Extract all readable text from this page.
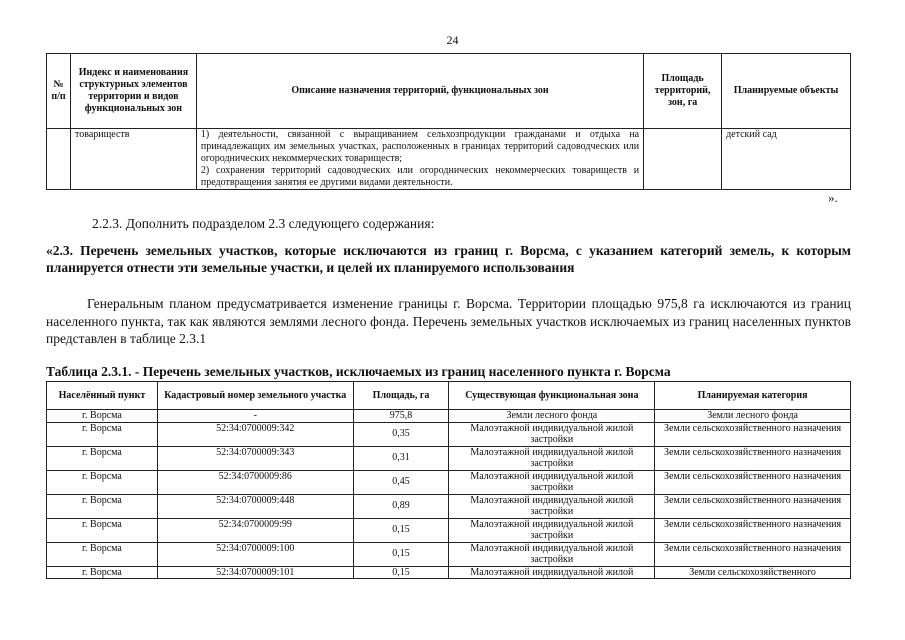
24
№ п/п	Индекс и наименования структурных элементов территории и видов функциональных зон	Описание назначения территорий, функциональных зон	Площадь территорий, зон, га	Планируемые объекты
	товариществ	1) деятельности, связанной с выращиванием сельхозпродукции гражданами и отдыха на принадлежащих им земельных участках, расположенных в границах территорий садоводческих или огороднических некоммерческих товариществ;
2) сохранения территорий садоводческих или огороднических некоммерческих товариществ и предотвращения занятия ее другими видами деятельности.		детский сад
».
2.2.3. Дополнить подразделом 2.3 следующего содержания:
«2.3. Перечень земельных участков, которые исключаются из границ г. Ворсма, с указанием категорий земель, к которым планируется отнести эти земельные участки, и целей их планируемого использования
Генеральным планом предусматривается изменение границы г. Ворсма. Территории площадью 975,8 га исключаются из границ населенного пункта, так как являются землями лесного фонда. Перечень земельных участков исключаемых из границ населенных пунктов представлен в таблице 2.3.1
Таблица 2.3.1. - Перечень земельных участков, исключаемых из границ населенного пункта г. Ворсма
Населённый пункт	Кадастровый номер земельного участка	Площадь, га	Существующая функциональная зона	Планируемая категория
г. Ворсма	-	975,8	Земли лесного фонда	Земли лесного фонда
г. Ворсма	52:34:0700009:342	0,35	Малоэтажной индивидуальной жилой застройки	Земли сельскохозяйственного назначения
г. Ворсма	52:34:0700009:343	0,31	Малоэтажной индивидуальной жилой застройки	Земли сельскохозяйственного назначения
г. Ворсма	52:34:0700009:86	0,45	Малоэтажной индивидуальной жилой застройки	Земли сельскохозяйственного назначения
г. Ворсма	52:34:0700009:448	0,89	Малоэтажной индивидуальной жилой застройки	Земли сельскохозяйственного назначения
г. Ворсма	52:34:0700009:99	0,15	Малоэтажной индивидуальной жилой застройки	Земли сельскохозяйственного назначения
г. Ворсма	52:34:0700009:100	0,15	Малоэтажной индивидуальной жилой застройки	Земли сельскохозяйственного назначения
г. Ворсма	52:34:0700009:101	0,15	Малоэтажной индивидуальной жилой	Земли сельскохозяйственного
